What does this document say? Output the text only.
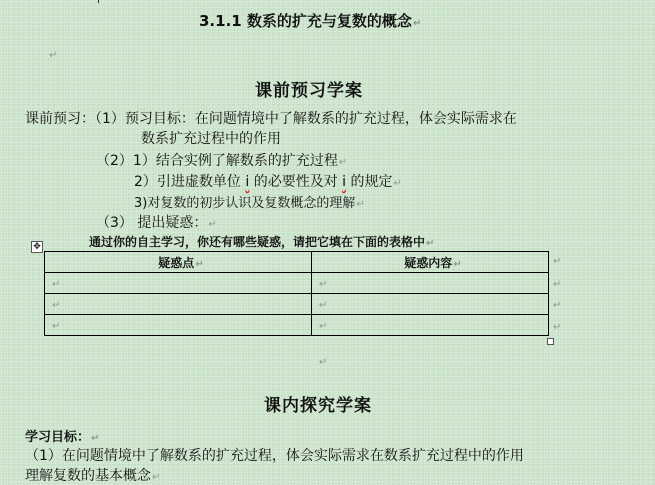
3.1.1 数系的扩充与复数的概念↵
↵
课前预习学案
课前预习：（1）预习目标：在问题情境中了解数系的扩充过程，体会实际需求在
数系扩充过程中的作用
（2）1）结合实例了解数系的扩充过程↵
2）引进虚数单位 i 的必要性及对 i 的规定↵
3)对复数的初步认识及复数概念的理解↵
（3） 提出疑惑：↵
✥	通过你的自主学习，你还有哪些疑惑，请把它填在下面的表格中↵
疑惑点↵	疑惑内容↵
↵	↵
↵	↵
↵	↵
↵
↵
↵
↵
↵
课内探究学案
学习目标：↵
（1）在问题情境中了解数系的扩充过程，体会实际需求在数系扩充过程中的作用
理解复数的基本概念↵
